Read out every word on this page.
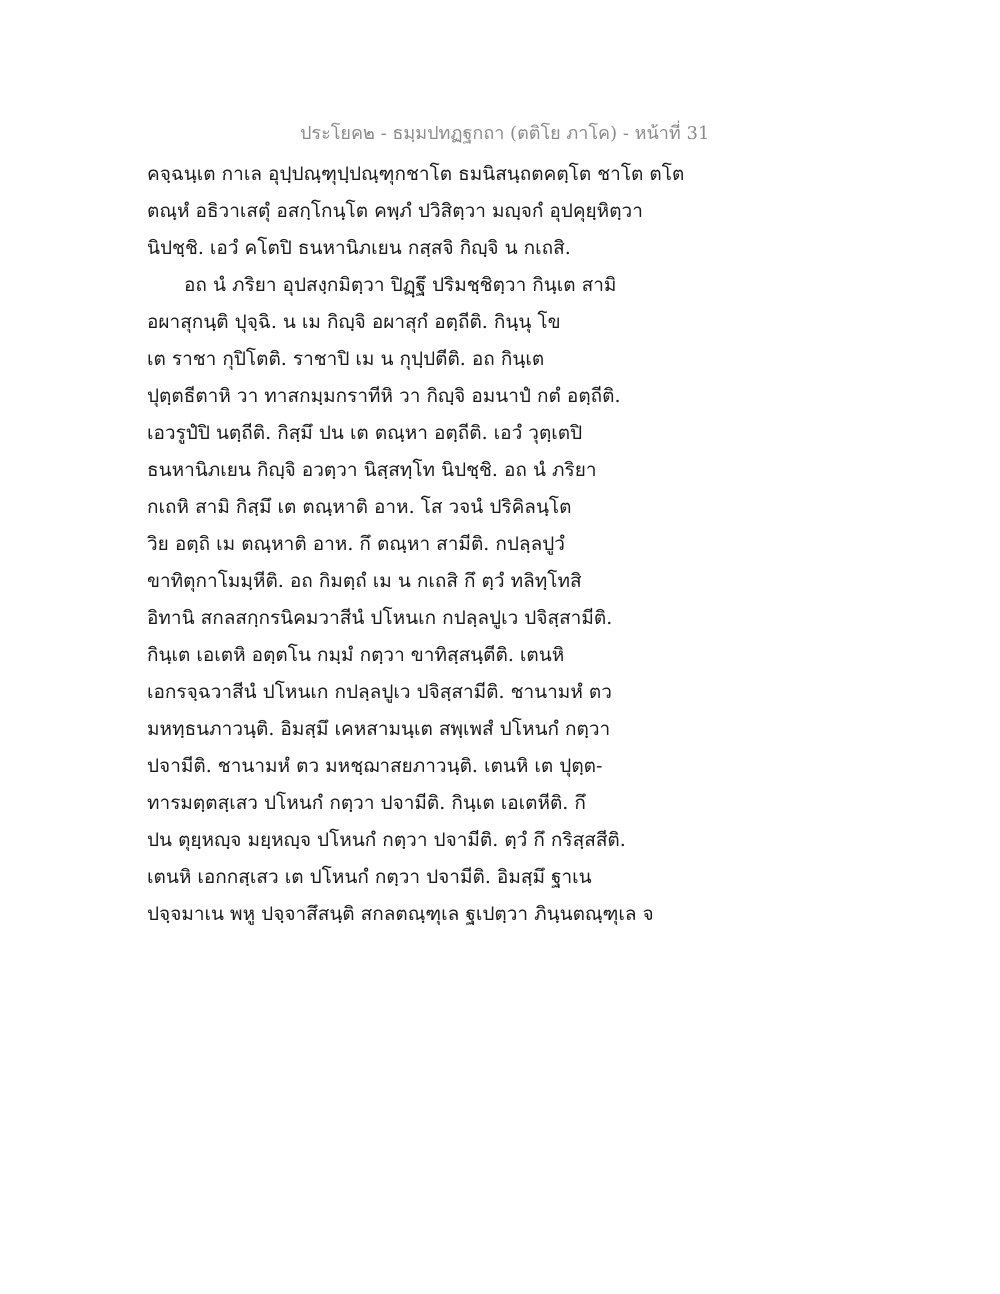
ประโยค๒ - ธมฺมปทฏฐกถา (ตติโย ภาโค) - หน้าที่ 31
คจฺฉนฺเต กาเล อุปฺปณฺฑุปฺปณฺฑุกชาโต ธมนิสนฺถตคตฺโต ชาโต ตโต
ตณฺหํ อธิวาเสตุํ อสกฺโกนฺโต คพฺภํ ปวิสิตฺวา มญฺจกํ อุปคุยฺหิตฺวา
นิปชฺชิ. เอวํ คโตปิ ธนหานิภเยน กสฺสจิ กิญฺจิ น กเถสิ.
อถ นํ ภริยา อุปสงฺกมิตฺวา ปิฏฺฐึ ปริมชฺชิตฺวา กินฺเต สามิ
อผาสุกนฺติ ปุจฺฉิ. น เม กิญฺจิ อผาสุกํ อตฺถีติ. กินฺนุ โข
เต ราชา กุปิโตติ. ราชาปิ เม น กุปฺปตีติ. อถ กินฺเต
ปุตฺตธีตาหิ วา ทาสกมฺมกราทีหิ วา กิญฺจิ อมนาปํ กตํ อตฺถีติ.
เอวรูปํปิ นตฺถีติ. กิสฺมึ ปน เต ตณฺหา อตฺถีติ. เอวํ วุตฺเตปิ
ธนหานิภเยน กิญฺจิ อวตฺวา นิสฺสทฺโท นิปชฺชิ. อถ นํ ภริยา
กเถหิ สามิ กิสฺมึ เต ตณฺหาติ อาห. โส วจนํ ปริคิลนฺโต
วิย อตฺถิ เม ตณฺหาติ อาห. กึ ตณฺหา สามีติ. กปลฺลปูวํ
ขาทิตุกาโมมฺหีติ. อถ กิมตฺถํ เม น กเถสิ กึ ตฺวํ ทลิทฺโทสิ
อิทานิ สกลสกฺกรนิคมวาสีนํ ปโหนเก กปลฺลปูเว ปจิสฺสามีติ.
กินฺเต เอเตหิ อตฺตโน กมฺมํ กตฺวา ขาทิสฺสนฺตีติ. เตนหิ
เอกรจฺฉวาสีนํ ปโหนเก กปลฺลปูเว ปจิสฺสามีติ. ชานามหํ ตว
มหทฺธนภาวนฺติ. อิมสฺมึ เคหสามนฺเต สพฺเพสํ ปโหนกํ กตฺวา
ปจามีติ. ชานามหํ ตว มหชฺฌาสยภาวนฺติ. เตนหิ เต ปุตฺต-
ทารมตฺตสฺเสว ปโหนกํ กตฺวา ปจามีติ. กินฺเต เอเตหีติ. กึ
ปน ตุยฺหญฺจ มยฺหญฺจ ปโหนกํ กตฺวา ปจามีติ. ตฺวํ กึ กริสฺสสีติ.
เตนหิ เอกกสฺเสว เต ปโหนกํ กตฺวา ปจามีติ. อิมสฺมึ ฐาเน
ปจฺจมาเน พหู ปจฺจาสึสนฺติ สกลตณฺฑุเล ฐเปตฺวา ภินฺนตณฺฑุเล จ
